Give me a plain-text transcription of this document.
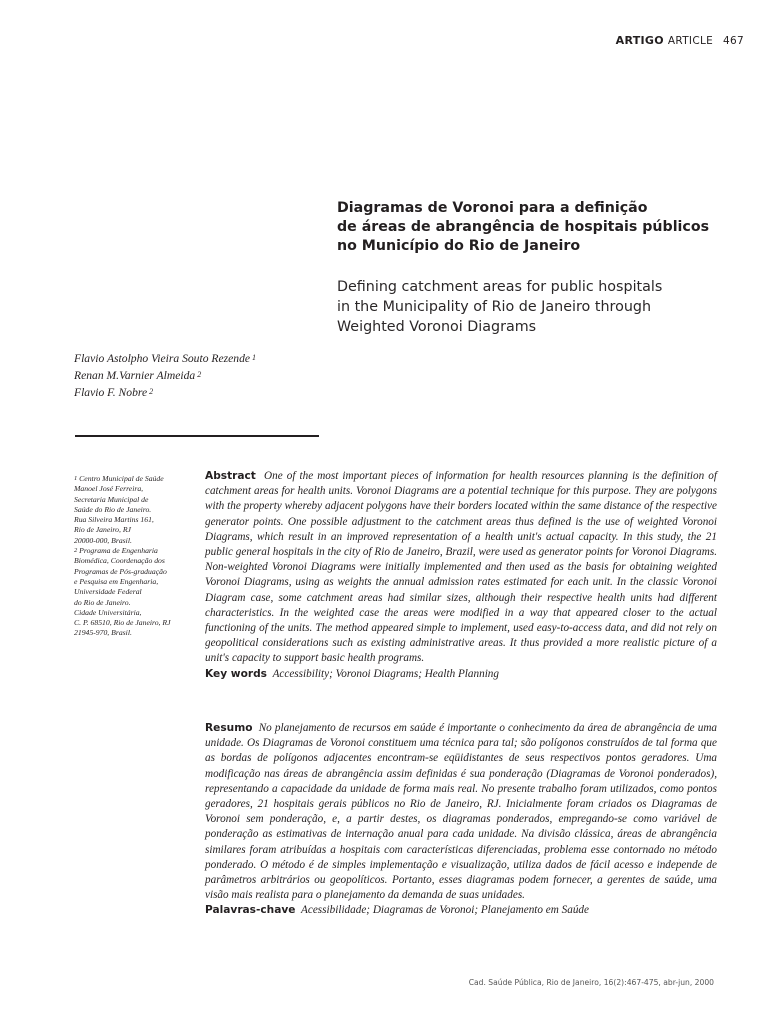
ARTIGO ARTICLE 467
Diagramas de Voronoi para a definição
de áreas de abrangência de hospitais públicos
no Município do Rio de Janeiro
Defining catchment areas for public hospitals
in the Municipality of Rio de Janeiro through
Weighted Voronoi Diagrams
Flavio Astolpho Vieira Souto Rezende $^1$
Renan M.Varnier Almeida $^2$
Flavio F. Nobre $^2$
$^1$ Centro Municipal de Saúde
Manoel José Ferreira,
Secretaria Municipal de
Saúde do Rio de Janeiro.
Rua Silveira Martins 161,
Rio de Janeiro, RJ
20000-000, Brasil.
$^2$ Programa de Engenharia
Biomédica, Coordenação dos
Programas de Pós-graduação
e Pesquisa em Engenharia,
Universidade Federal
do Rio de Janeiro.
Cidade Universitária,
C. P. 68510, Rio de Janeiro, RJ
21945-970, Brasil.
Abstract One of the most important pieces of information for health resources planning is the definition of catchment areas for health units. Voronoi Diagrams are a potential technique for this purpose. They are polygons with the property whereby adjacent polygons have their borders located within the same distance of the respective generator points. One possible adjustment to the catchment areas thus defined is the use of weighted Voronoi Diagrams, which result in an improved representation of a health unit's actual capacity. In this study, the 21 public general hospitals in the city of Rio de Janeiro, Brazil, were used as generator points for Voronoi Diagrams. Non-weighted Voronoi Diagrams were initially implemented and then used as the basis for obtaining weighted Voronoi Diagrams, using as weights the annual admission rates estimated for each unit. In the classic Voronoi Diagram case, some catchment areas had similar sizes, although their respective health units had different characteristics. In the weighted case the areas were modified in a way that appeared closer to the actual functioning of the units. The method appeared simple to implement, used easy-to-access data, and did not rely on geopolitical considerations such as existing administrative areas. It thus provided a more realistic picture of a unit's capacity to support basic health programs.
Key words Accessibility; Voronoi Diagrams; Health Planning
Resumo No planejamento de recursos em saúde é importante o conhecimento da área de abrangência de uma unidade. Os Diagramas de Voronoi constituem uma técnica para tal; são polígonos construídos de tal forma que as bordas de polígonos adjacentes encontram-se eqüidistantes de seus respectivos pontos geradores. Uma modificação nas áreas de abrangência assim definidas é sua ponderação (Diagramas de Voronoi ponderados), representando a capacidade da unidade de forma mais real. No presente trabalho foram utilizados, como pontos geradores, 21 hospitais gerais públicos no Rio de Janeiro, RJ. Inicialmente foram criados os Diagramas de Voronoi sem ponderação, e, a partir destes, os diagramas ponderados, empregando-se como variável de ponderação as estimativas de internação anual para cada unidade. Na divisão clássica, áreas de abrangência similares foram atribuídas a hospitais com características diferenciadas, problema esse contornado no método ponderado. O método é de simples implementação e visualização, utiliza dados de fácil acesso e independe de parâmetros arbitrários ou geopolíticos. Portanto, esses diagramas podem fornecer, a gerentes de saúde, uma visão mais realista para o planejamento da demanda de suas unidades.
Palavras-chave Acessibilidade; Diagramas de Voronoi; Planejamento em Saúde
Cad. Saúde Pública, Rio de Janeiro, 16(2):467-475, abr-jun, 2000
